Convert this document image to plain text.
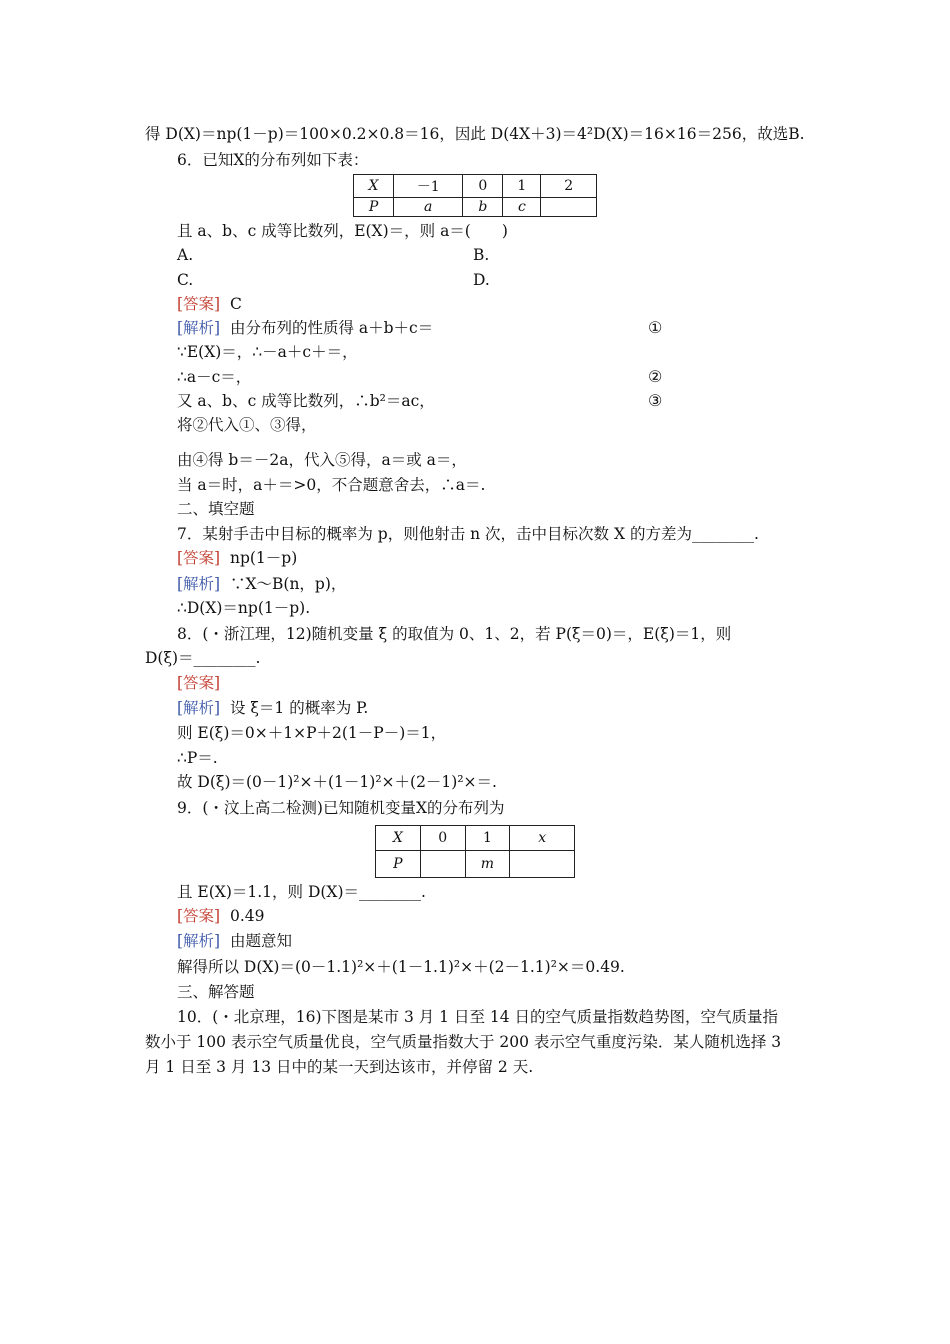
得 D(X)＝np(1－p)＝100×0.2×0.8＝16，因此 D(4X＋3)＝4²D(X)＝16×16＝256，故选B.
6．已知X的分布列如下表：
X	－1	0	1	2
P	a	b	c	
且 a、b、c 成等比数列，E(X)＝，则 a＝(　　)
A.	B.
C.	D.
[答案] C
[解析] 由分布列的性质得 a＋b＋c＝	①
∵E(X)＝，∴－a＋c＋＝，
∴a－c＝，	②
又 a、b、c 成等比数列，∴b²＝ac，	③
将②代入①、③得，
由④得 b＝－2a，代入⑤得，a＝或 a＝，
当 a＝时，a＋＝>0，不合题意舍去，∴a＝.
二、填空题
7．某射手击中目标的概率为 p，则他射击 n 次，击中目标次数 X 的方差为________.
[答案] np(1－p)
[解析] ∵X～B(n，p)，
∴D(X)＝np(1－p).
8．(・浙江理，12)随机变量 ξ 的取值为 0、1、2，若 P(ξ＝0)＝，E(ξ)＝1，则
D(ξ)＝________.
[答案]
[解析] 设 ξ＝1 的概率为 P.
则 E(ξ)＝0×＋1×P＋2(1－P－)＝1，
∴P＝.
故 D(ξ)＝(0－1)²×＋(1－1)²×＋(2－1)²×＝.
9．(・汶上高二检测)已知随机变量X的分布列为
X	0	1	x
P		m	
且 E(X)＝1.1，则 D(X)＝________.
[答案] 0.49
[解析] 由题意知
解得所以 D(X)＝(0－1.1)²×＋(1－1.1)²×＋(2－1.1)²×＝0.49.
三、解答题
10．(・北京理，16)下图是某市 3 月 1 日至 14 日的空气质量指数趋势图，空气质量指
数小于 100 表示空气质量优良，空气质量指数大于 200 表示空气重度污染．某人随机选择 3
月 1 日至 3 月 13 日中的某一天到达该市，并停留 2 天.
